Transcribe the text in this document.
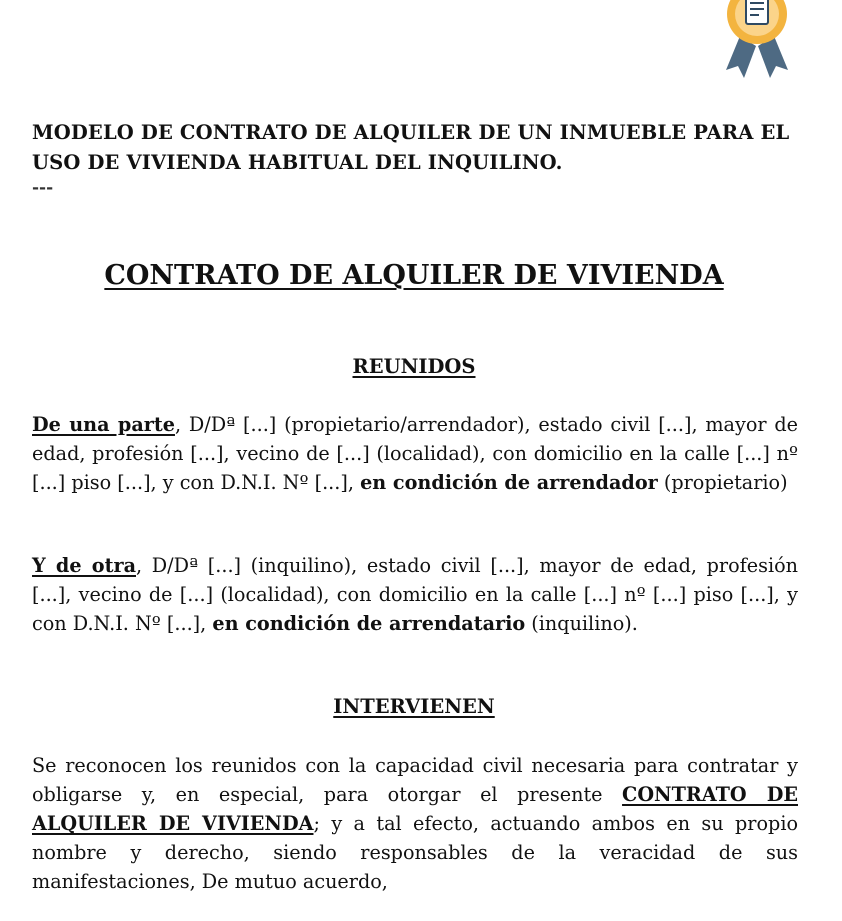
MODELO DE CONTRATO DE ALQUILER DE UN INMUEBLE PARA EL USO DE VIVIENDA HABITUAL DEL INQUILINO.
---
CONTRATO DE ALQUILER DE VIVIENDA
REUNIDOS

De una parte, D/Dª [...] (propietario/arrendador), estado civil [...], mayor de edad, profesión [...], vecino de [...] (localidad), con domicilio en la calle [...] nº [...] piso [...], y con D.N.I. Nº [...], en condición de arrendador (propietario)

Y de otra, D/Dª [...] (inquilino), estado civil [...], mayor de edad, profesión [...], vecino de [...] (localidad), con domicilio en la calle [...] nº [...] piso [...], y con D.N.I. Nº [...], en condición de arrendatario (inquilino).

INTERVIENEN

Se reconocen los reunidos con la capacidad civil necesaria para contratar y obligarse y, en especial, para otorgar el presente CONTRATO DE ALQUILER DE VIVIENDA; y a tal efecto, actuando ambos en su propio nombre y derecho, siendo responsables de la veracidad de sus manifestaciones, De mutuo acuerdo,
